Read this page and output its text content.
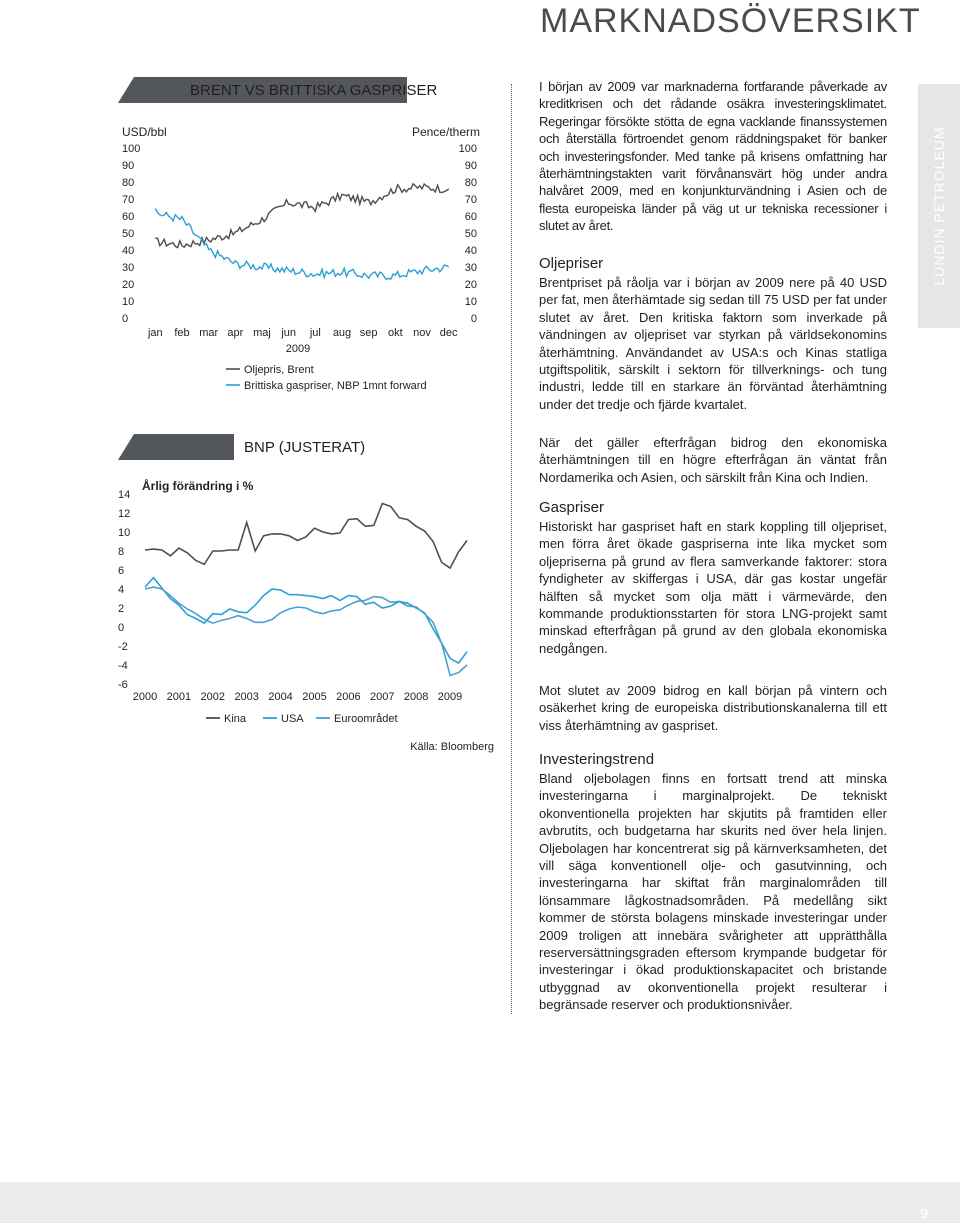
MARKNADSÖVERSIKT
BRENT VS BRITTISKA GASPRISER
BNP (JUSTERAT)
USD/bbl	Pence/therm
0	0
10	10
20	20
30	30
40	40
50	50
60	60
70	70
80	80
90	90
100	100
jan feb mar apr maj jun jul aug sep okt nov dec
2009
Oljepris, Brent
Brittiska gaspriser, NBP 1mnt forward
Årlig förändring i %
14
12
10
8
6
4
2
0
-2
-4
-6
2000 2001 2002 2003 2004 2005 2006 2007 2008 2009
Kina	USA	Euroområdet
Källa: Bloomberg
LUNDIN PETROLEUM

I början av 2009 var marknaderna fortfarande påverkade av kreditkrisen och det rådande osäkra investeringsklimatet. Regeringar försökte stötta de egna vacklande finanssystemen och återställa förtroendet genom räddningspaket för banker och investeringsfonder. Med tanke på krisens omfattning har återhämtningstakten varit förvånansvärt hög under andra halvåret 2009, med en konjunkturvändning i Asien och de flesta europeiska länder på väg ut ur tekniska recessioner i slutet av året.

Oljepriser

Brentpriset på råolja var i början av 2009 nere på 40 USD per fat, men återhämtade sig sedan till 75 USD per fat under slutet av året. Den kritiska faktorn som inverkade på vändningen av oljepriset var styrkan på världsekonomins återhämtning. Användandet av USA:s och Kinas statliga utgiftspolitik, särskilt i sektorn för tillverknings- och tung industri, ledde till en starkare än förväntad återhämtning under det tredje och fjärde kvartalet.

När det gäller efterfrågan bidrog den ekonomiska återhämtningen till en högre efterfrågan än väntat från Nordamerika och Asien, och särskilt från Kina och Indien.

Gaspriser

Historiskt har gaspriset haft en stark koppling till oljepriset, men förra året ökade gaspriserna inte lika mycket som oljepriserna på grund av flera samverkande faktorer: stora fyndigheter av skiffergas i USA, där gas kostar ungefär hälften så mycket som olja mätt i värmevärde, den kommande produktionsstarten för stora LNG-projekt samt minskad efterfrågan på grund av den globala ekonomiska nedgången.

Mot slutet av 2009 bidrog en kall början på vintern och osäkerhet kring de europeiska distributionskanalerna till ett viss återhämtning av gaspriset.

Investeringstrend

Bland oljebolagen finns en fortsatt trend att minska investeringarna i marginalprojekt. De tekniskt okonventionella projekten har skjutits på framtiden eller avbrutits, och budgetarna har skurits ned över hela linjen. Oljebolagen har koncentrerat sig på kärnverksamheten, det vill säga konventionell olje- och gasutvinning, och investeringarna har skiftat från marginalområden till lönsammare lågkostnadsområden. På medellång sikt kommer de största bolagens minskade investeringar under 2009 troligen att innebära svårigheter att upprätthålla reserversättningsgraden eftersom krympande budgetar för investeringar i ökad produktionskapacitet och bristande utbyggnad av okonventionella projekt resulterar i begränsade reserver och produktionsnivåer.

9
